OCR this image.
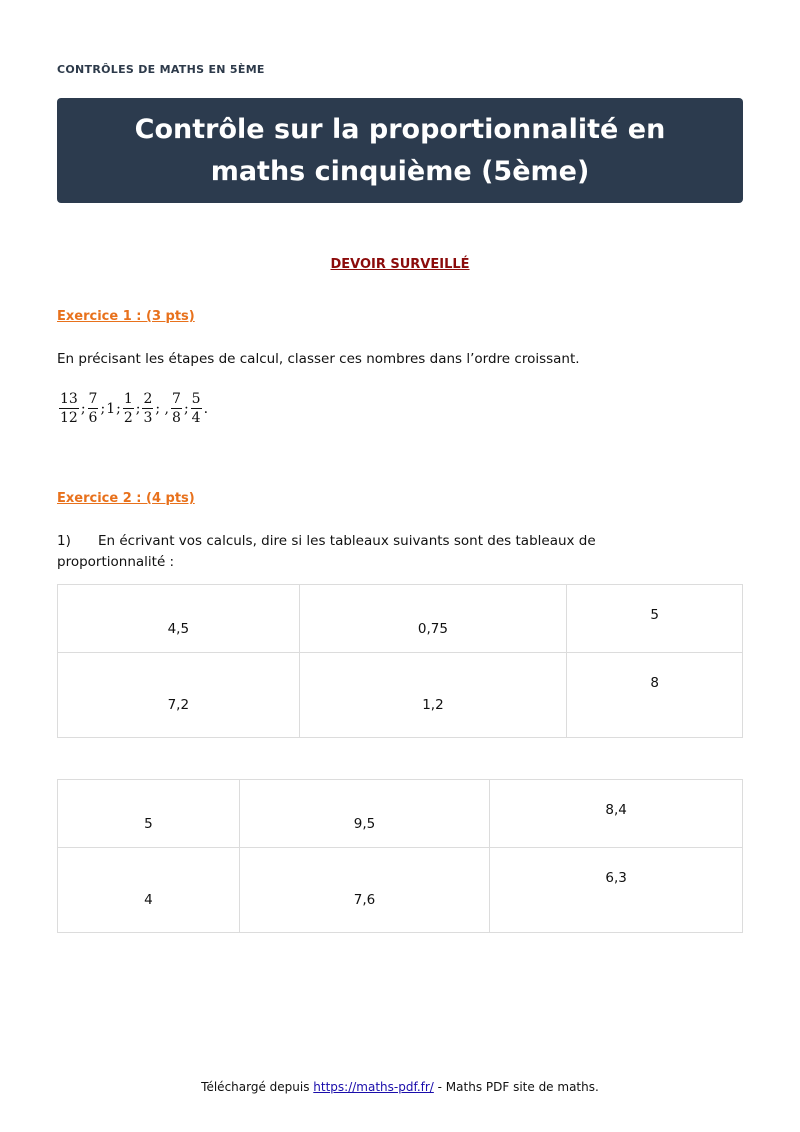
CONTRÔLES DE MATHS EN 5ÈME
Contrôle sur la proportionnalité en maths cinquième (5ème)
DEVOIR SURVEILLÉ
Exercice 1 : (3 pts)
En précisant les étapes de calcul, classer ces nombres dans l’ordre croissant.
$\frac{13}{12}$ ; $\frac{7}{6}$ ; 1 ; $\frac{1}{2}$ ; $\frac{2}{3}$ ; , $\frac{7}{8}$ ; $\frac{5}{4}$ .
Exercice 2 : (4 pts)
1) En écrivant vos calculs, dire si les tableaux suivants sont des tableaux de proportionnalité :
4,5	0,75	5

7,2	1,2	8
5	9,5	8,4

4	7,6	6,3
Téléchargé depuis https://maths-pdf.fr/ - Maths PDF site de maths.
